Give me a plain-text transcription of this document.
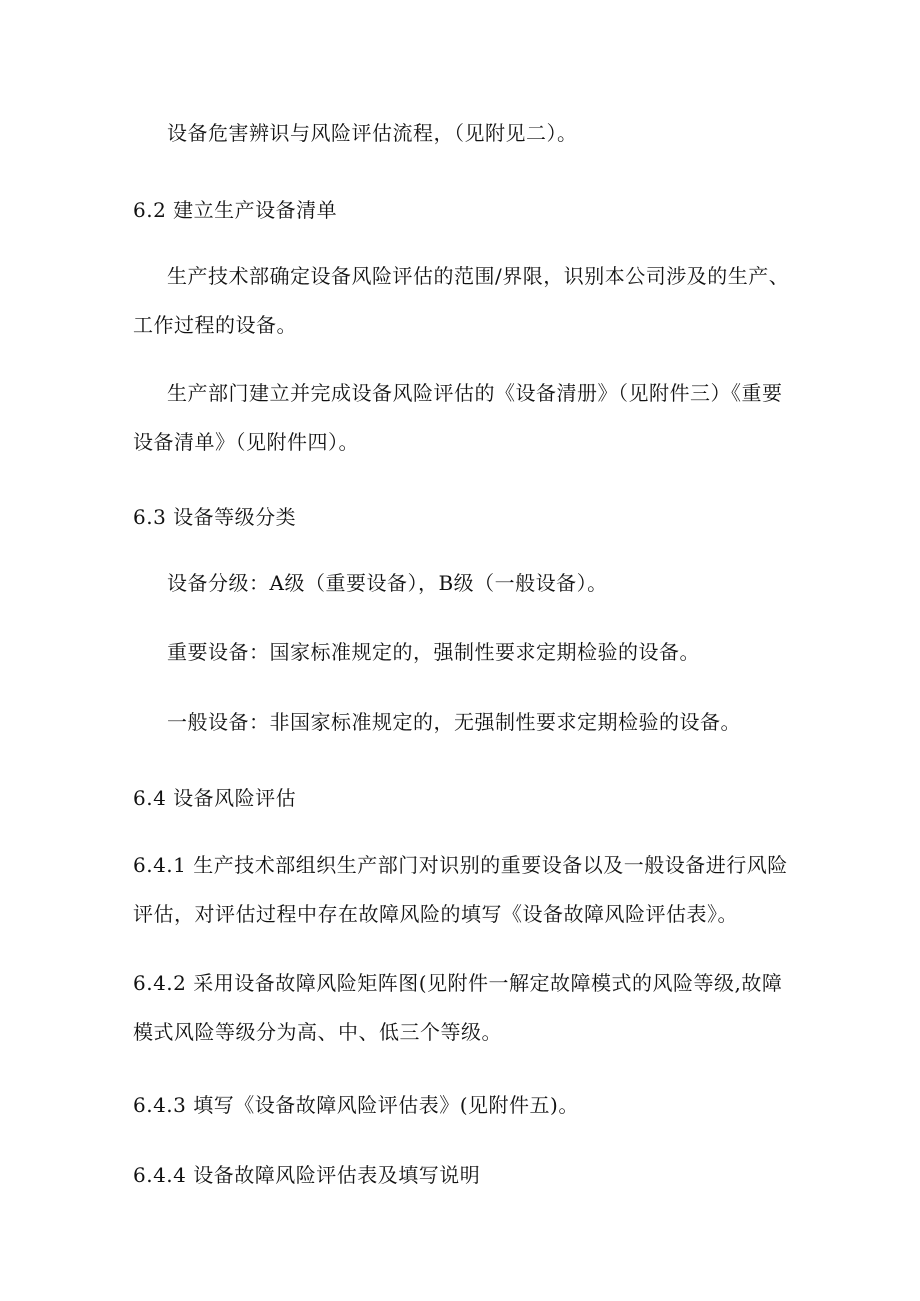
设备危害辨识与风险评估流程，（见附见二）。
6.2 建立生产设备清单
生产技术部确定设备风险评估的范围/界限，识别本公司涉及的生产、
工作过程的设备。
生产部门建立并完成设备风险评估的《设备清册》（见附件三）《重要
设备清单》（见附件四）。
6.3 设备等级分类
设备分级：A级（重要设备），B级（一般设备）。
重要设备：国家标准规定的，强制性要求定期检验的设备。
一般设备：非国家标准规定的，无强制性要求定期检验的设备。
6.4 设备风险评估
6.4.1 生产技术部组织生产部门对识别的重要设备以及一般设备进行风险
评估，对评估过程中存在故障风险的填写《设备故障风险评估表》。
6.4.2 采用设备故障风险矩阵图(见附件一解定故障模式的风险等级,故障
模式风险等级分为高、中、低三个等级。
6.4.3 填写《设备故障风险评估表》(见附件五)。
6.4.4 设备故障风险评估表及填写说明
